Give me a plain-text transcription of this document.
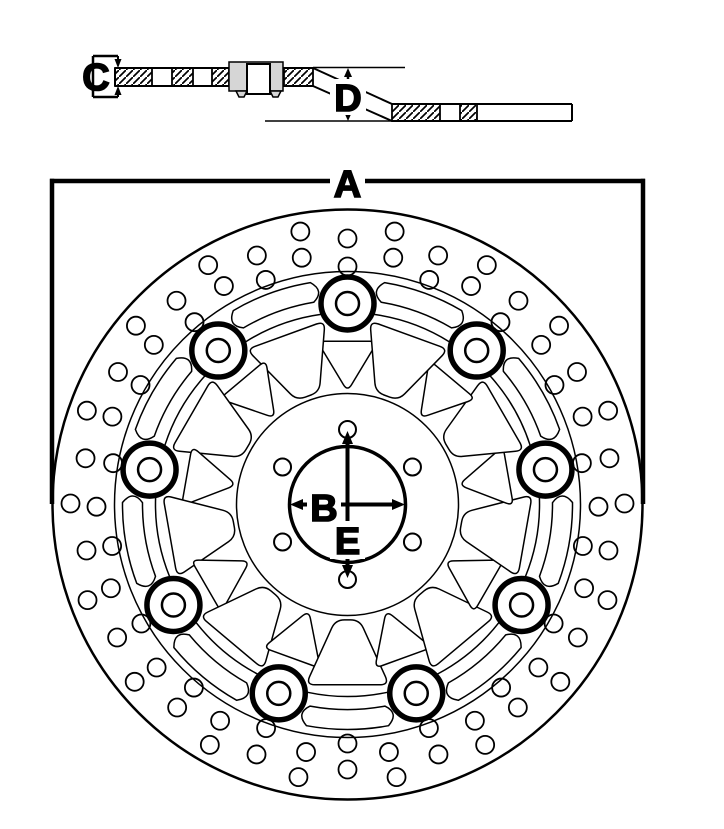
C	D
A
B
E
